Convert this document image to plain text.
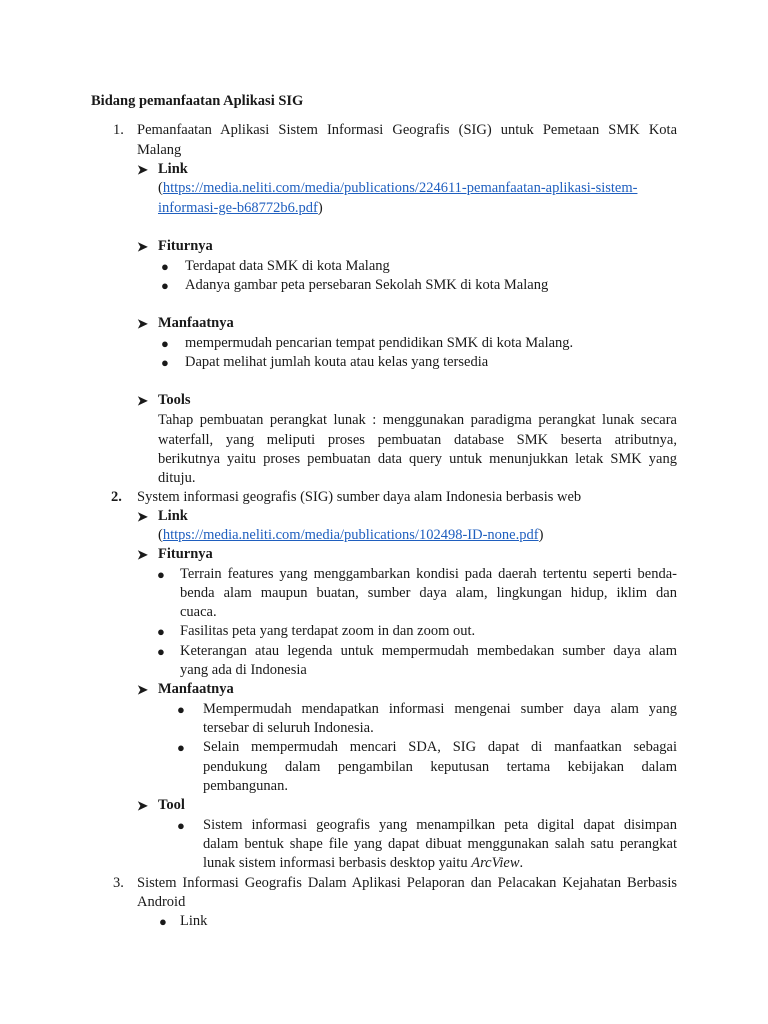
Bidang pemanfaatan Aplikasi SIG
1. Pemanfaatan Aplikasi Sistem Informasi Geografis (SIG) untuk Pemetaan SMK Kota
Malang
➤ Link
(https://media.neliti.com/media/publications/224611-pemanfaatan-aplikasi-sistem-
informasi-ge-b68772b6.pdf)
➤ Fiturnya
● Terdapat data SMK di kota Malang
● Adanya gambar peta persebaran Sekolah SMK di kota Malang
➤ Manfaatnya
● mempermudah pencarian tempat pendidikan SMK di kota Malang.
● Dapat melihat jumlah kouta atau kelas yang tersedia
➤ Tools
Tahap pembuatan perangkat lunak : menggunakan paradigma perangkat lunak secara
waterfall, yang meliputi proses pembuatan database SMK beserta atributnya,
berikutnya yaitu proses pembuatan data query untuk menunjukkan letak SMK yang
dituju.
2. System informasi geografis (SIG) sumber daya alam Indonesia berbasis web
➤ Link
(https://media.neliti.com/media/publications/102498-ID-none.pdf)
➤ Fiturnya
● Terrain features yang menggambarkan kondisi pada daerah tertentu seperti benda-
benda alam maupun buatan, sumber daya alam, lingkungan hidup, iklim dan
cuaca.
● Fasilitas peta yang terdapat zoom in dan zoom out.
● Keterangan atau legenda untuk mempermudah membedakan sumber daya alam
yang ada di Indonesia
➤ Manfaatnya
● Mempermudah mendapatkan informasi mengenai sumber daya alam yang
tersebar di seluruh Indonesia.
● Selain mempermudah mencari SDA, SIG dapat di manfaatkan sebagai
pendukung dalam pengambilan keputusan tertama kebijakan dalam
pembangunan.
➤ Tool
● Sistem informasi geografis yang menampilkan peta digital dapat disimpan
dalam bentuk shape file yang dapat dibuat menggunakan salah satu perangkat
lunak sistem informasi berbasis desktop yaitu ArcView.
3. Sistem Informasi Geografis Dalam Aplikasi Pelaporan dan Pelacakan Kejahatan Berbasis
Android
● Link
